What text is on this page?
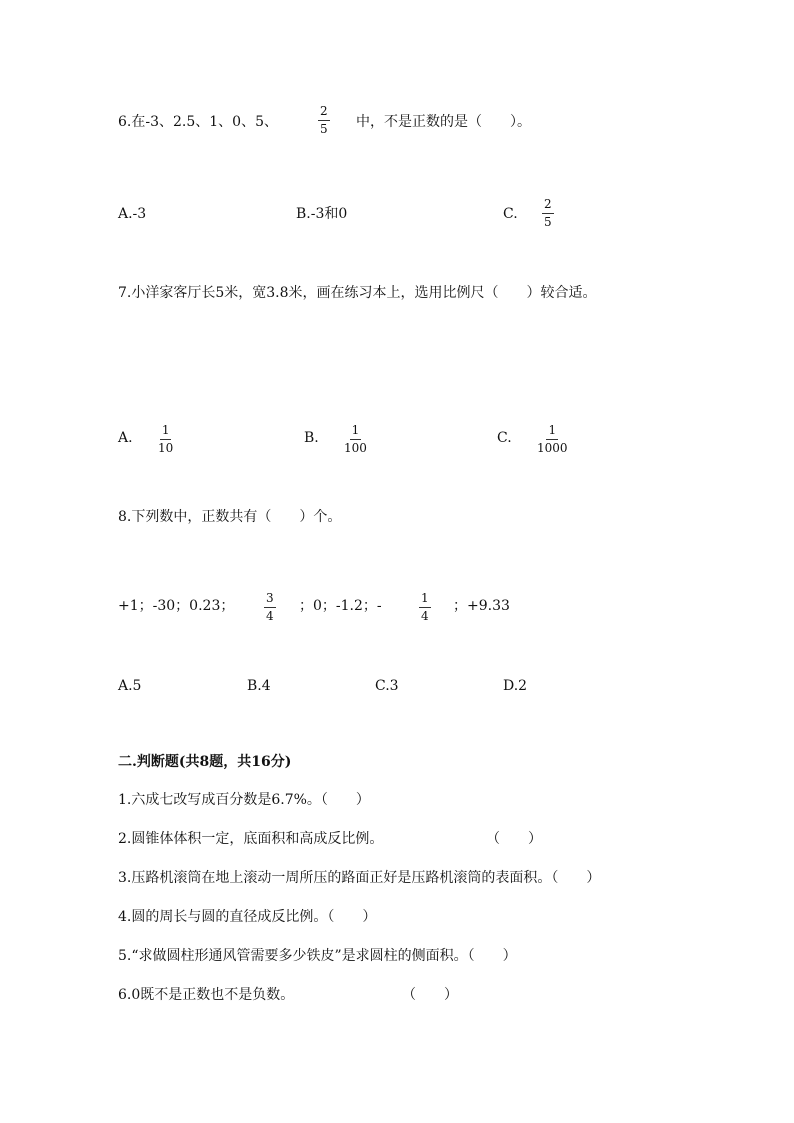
6.在-3、2.5、1、0、5、	$\frac{2}{5}$ 中，不是正数的是（　　）。
A.-3	B.-3和0	C. $\frac{2}{5}$
7.小洋家客厅长5米，宽3.8米，画在练习本上，选用比例尺（　　）较合适。
A. $\frac{1}{10}$	B. $\frac{1}{100}$	C. $\frac{1}{1000}$
8.下列数中，正数共有（　　）个。
+1；-30；0.23； $\frac{3}{4}$ ；0；-1.2；-	$\frac{1}{4}$ ；+9.33
A.5	B.4	C.3	D.2
二.判断题(共8题，共16分)
1.六成七改写成百分数是6.7%。（　　）
2.圆锥体体积一定，底面积和高成反比例。	（　　）
3.压路机滚筒在地上滚动一周所压的路面正好是压路机滚筒的表面积。（　　）
4.圆的周长与圆的直径成反比例。（　　）
5.“求做圆柱形通风管需要多少铁皮”是求圆柱的侧面积。（　　）
6.0既不是正数也不是负数。	（　　）
